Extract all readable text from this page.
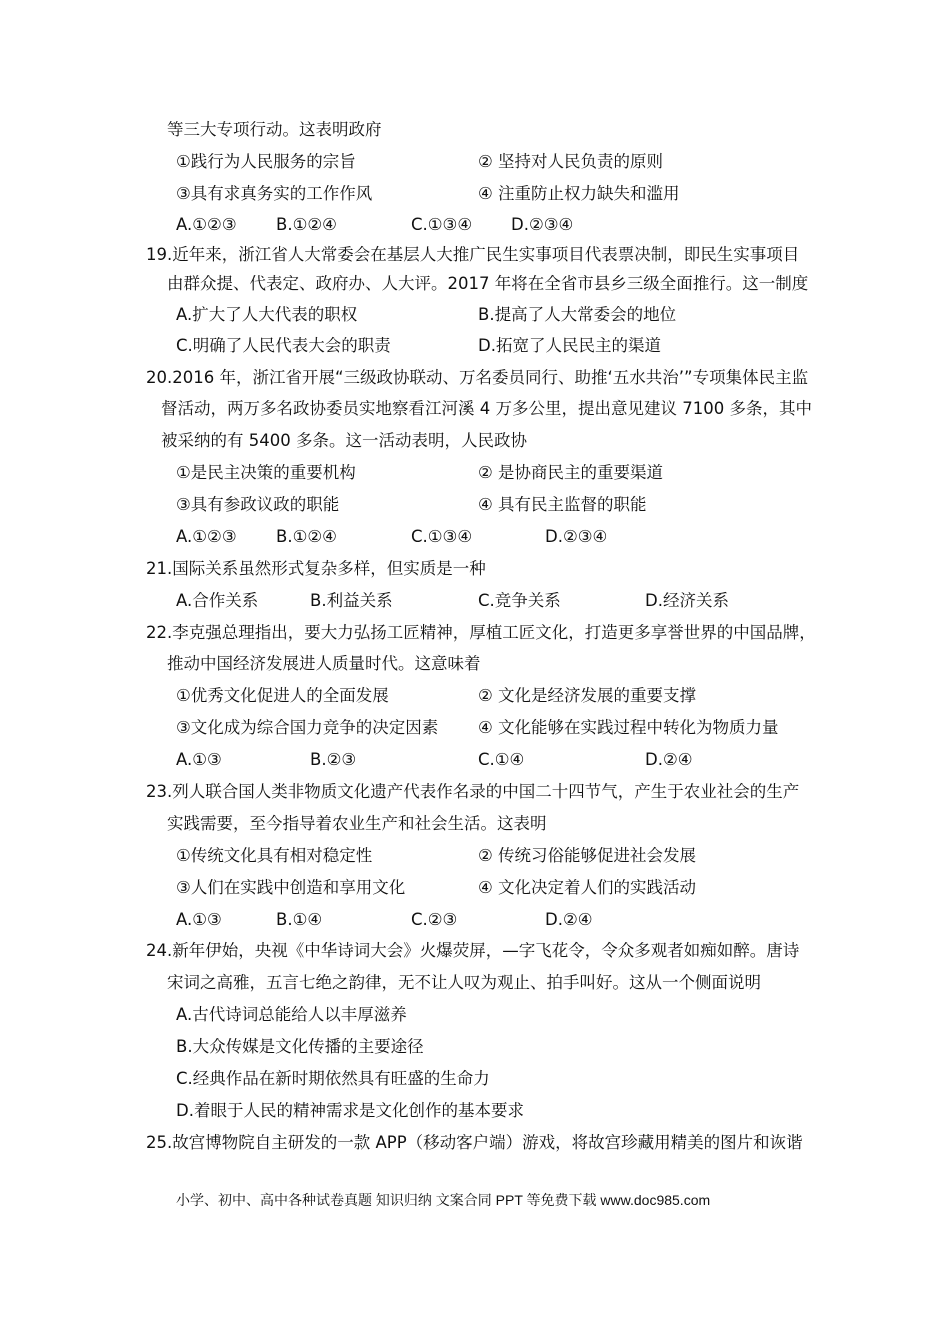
等三大专项行动。这表明政府
①践行为人民服务的宗旨	② 坚持对人民负责的原则
③具有求真务实的工作作风	④ 注重防止权力缺失和滥用
A.①②③ B.①②④	C.①③④ D.②③④
19.近年来，浙江省人大常委会在基层人大推广民生实事项目代表票决制，即民生实事项目
由群众提、代表定、政府办、人大评。2017 年将在全省市县乡三级全面推行。这一制度
A.扩大了人大代表的职权	B.提高了人大常委会的地位
C.明确了人民代表大会的职责	D.拓宽了人民民主的渠道
20.2016 年，浙江省开展“三级政协联动、万名委员同行、助推‘五水共治’”专项集体民主监
督活动，两万多名政协委员实地察看江河溪 4 万多公里，提出意见建议 7100 多条，其中
被采纳的有 5400 多条。这一活动表明，人民政协
①是民主决策的重要机构	② 是协商民主的重要渠道
③具有参政议政的职能	④ 具有民主监督的职能
A.①②③ B.①②④	C.①③④	D.②③④
21.国际关系虽然形式复杂多样，但实质是一种
A.合作关系	B.利益关系	C.竞争关系	D.经济关系
22.李克强总理指出，要大力弘扬工匠精神，厚植工匠文化，打造更多享誉世界的中国品牌，
推动中国经济发展进人质量时代。这意味着
①优秀文化促进人的全面发展	② 文化是经济发展的重要支撑
③文化成为综合国力竞争的决定因素 ④ 文化能够在实践过程中转化为物质力量
A.①③	B.②③	C.①④	D.②④
23.列人联合国人类非物质文化遗产代表作名录的中国二十四节气，产生于农业社会的生产
实践需要，至今指导着农业生产和社会生活。这表明
①传统文化具有相对稳定性	② 传统习俗能够促进社会发展
③人们在实践中创造和享用文化	④ 文化决定着人们的实践活动
A.①③	B.①④	C.②③	D.②④
24.新年伊始，央视《中华诗词大会》火爆荧屏，—字飞花令，令众多观者如痴如醉。唐诗
宋词之高雅，五言七绝之韵律，无不让人叹为观止、拍手叫好。这从一个侧面说明
A.古代诗词总能给人以丰厚滋养
B.大众传媒是文化传播的主要途径
C.经典作品在新时期依然具有旺盛的生命力
D.着眼于人民的精神需求是文化创作的基本要求
25.故宫博物院自主研发的一款 APP（移动客户端）游戏，将故宫珍藏用精美的图片和诙谐
小学、初中、高中各种试卷真题 知识归纳 文案合同 PPT 等免费下载 www.doc985.com
